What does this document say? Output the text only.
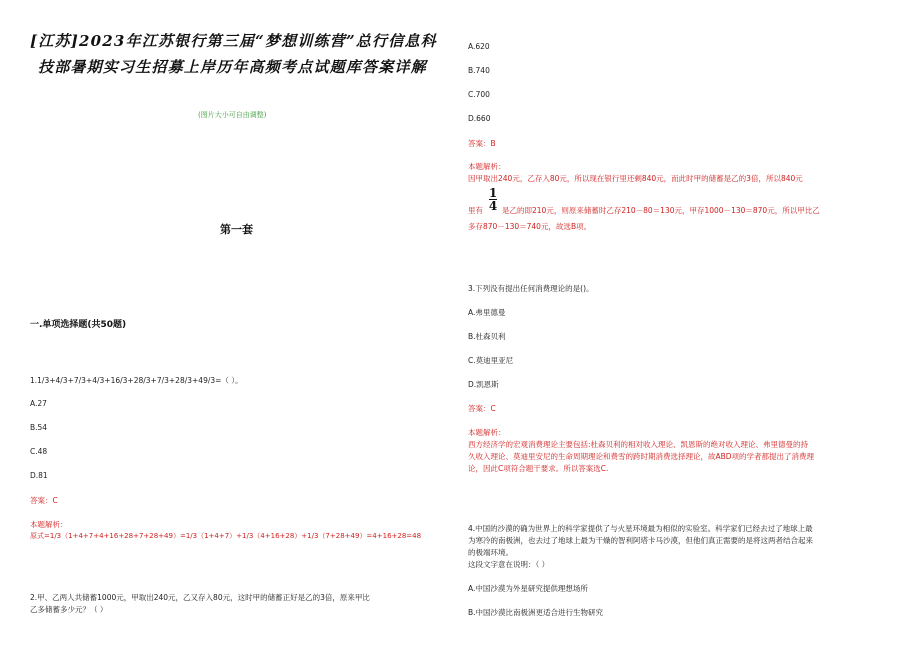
[江苏]2023年江苏银行第三届“梦想训练营”总行信息科
技部暑期实习生招募上岸历年高频考点试题库答案详解
(图片大小可自由调整)
第一套
一.单项选择题(共50题)
1.1/3+4/3+7/3+4/3+16/3+28/3+7/3+28/3+49/3=（ ）。
A.27
B.54
C.48
D.81
答案：C
本题解析：
原式=1/3（1+4+7+4+16+28+7+28+49）=1/3（1+4+7）+1/3（4+16+28）+1/3（7+28+49）=4+16+28=48
2.甲、乙两人共储蓄1000元，甲取出240元，乙又存入80元，这时甲的储蓄正好是乙的3倍，原来甲比
乙多储蓄多少元？（ ）
A.620
B.740
C.700
D.660
答案：B
本题解析：
因甲取出240元，乙存入80元，所以现在银行里还剩840元，而此时甲的储蓄是乙的3倍，所以840元
1
4
里有	是乙的即210元，则原来储蓄时乙存210－80＝130元，甲存1000－130＝870元，所以甲比乙
多存870－130＝740元，故选B项。
3.下列没有提出任何消费理论的是()。
A.弗里德曼
B.杜森贝利
C.莫迪里亚尼
D.凯恩斯
答案：C
本题解析：
西方经济学的宏观消费理论主要包括:杜森贝利的相对收入理论、凯恩斯的绝对收入理论、弗里德曼的持
久收入理论、莫迪里安尼的生命周期理论和费雪的跨时期消费选择理论，故ABD项的学者都提出了消费理
论，因此C项符合题干要求。所以答案选C.
4.中国的沙漠的确为世界上的科学家提供了与火星环境最为相似的实验室。科学家们已经去过了地球上最
为寒冷的南极洲，也去过了地球上最为干燥的智利阿塔卡马沙漠，但他们真正需要的是将这两者结合起来
的极端环境。
这段文字意在说明：（ ）
A.中国沙漠为外星研究提供理想场所
B.中国沙漠比南极洲更适合进行生物研究
